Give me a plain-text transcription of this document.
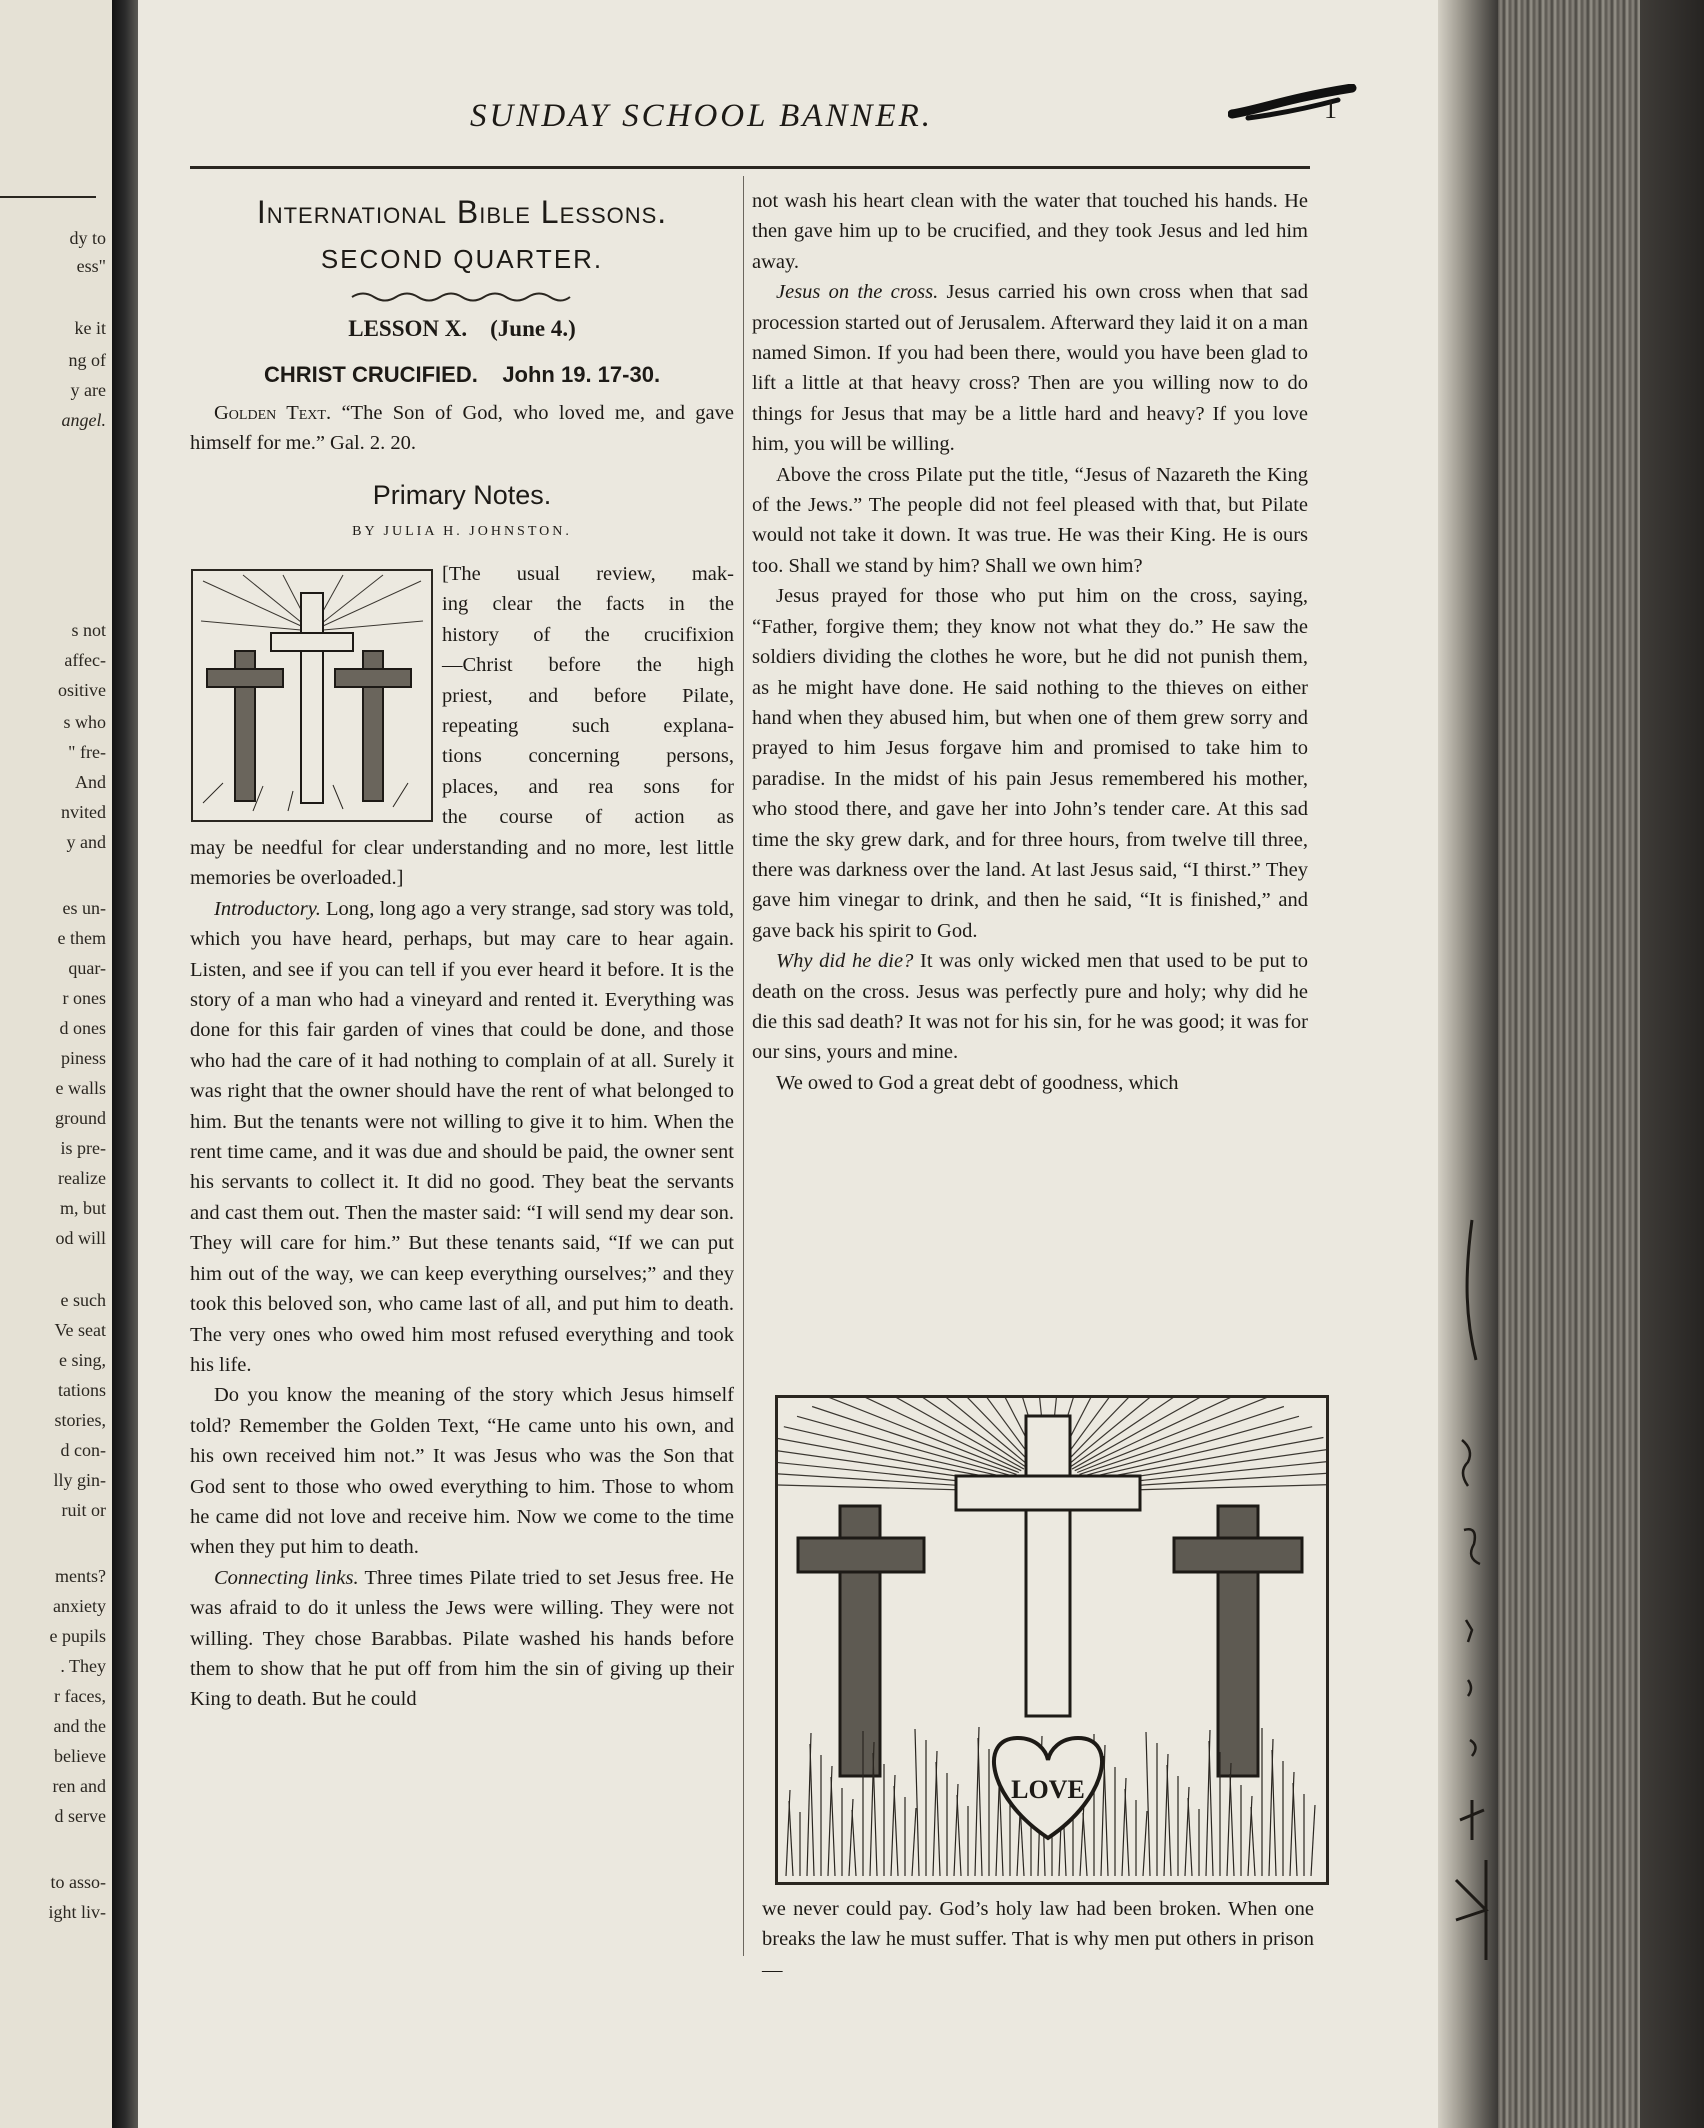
dy to
ess"
ke it
ng of
y are
angel.
s not
affec-
ositive
s who
" fre-
And
nvited
y and
es un-
e them
quar-
r ones
d ones
piness
e walls
ground
is pre-
realize
m, but
od will
e such
Ve seat
e sing,
tations
stories,
d con-
lly gin-
ruit or
ments?
anxiety
e pupils
. They
r faces,
and the
believe
ren and
d serve
to asso-
ight liv-
SUNDAY SCHOOL BANNER.	1
International Bible Lessons.
SECOND QUARTER.
LESSON X. (June 4.)
CHRIST CRUCIFIED. John 19. 17-30.

Golden Text. “The Son of God, who loved me, and gave himself for me.” Gal. 2. 20.

Primary Notes.
BY JULIA H. JOHNSTON.
[The usual review, mak-
ing clear the facts in the
history of the crucifixion
—Christ before the high
priest, and before Pilate,
repeating such explana-
tions concerning persons,
places, and rea sons for
the course of action as

may be needful for clear understanding and no more, lest little memories be overloaded.]

Introductory. Long, long ago a very strange, sad story was told, which you have heard, perhaps, but may care to hear again. Listen, and see if you can tell if you ever heard it before. It is the story of a man who had a vineyard and rented it. Everything was done for this fair garden of vines that could be done, and those who had the care of it had nothing to complain of at all. Surely it was right that the owner should have the rent of what belonged to him. But the tenants were not willing to give it to him. When the rent time came, and it was due and should be paid, the owner sent his servants to collect it. It did no good. They beat the servants and cast them out. Then the master said: “I will send my dear son. They will care for him.” But these tenants said, “If we can put him out of the way, we can keep everything ourselves;” and they took this beloved son, who came last of all, and put him to death. The very ones who owed him most refused everything and took his life.

Do you know the meaning of the story which Jesus himself told? Remember the Golden Text, “He came unto his own, and his own received him not.” It was Jesus who was the Son that God sent to those who owed everything to him. Those to whom he came did not love and receive him. Now we come to the time when they put him to death.

Connecting links. Three times Pilate tried to set Jesus free. He was afraid to do it unless the Jews were willing. They were not willing. They chose Barabbas. Pilate washed his hands before them to show that he put off from him the sin of giving up their King to death. But he could

not wash his heart clean with the water that touched his hands. He then gave him up to be crucified, and they took Jesus and led him away.

Jesus on the cross. Jesus carried his own cross when that sad procession started out of Jerusalem. Afterward they laid it on a man named Simon. If you had been there, would you have been glad to lift a little at that heavy cross? Then are you willing now to do things for Jesus that may be a little hard and heavy? If you love him, you will be willing.

Above the cross Pilate put the title, “Jesus of Nazareth the King of the Jews.” The people did not feel pleased with that, but Pilate would not take it down. It was true. He was their King. He is ours too. Shall we stand by him? Shall we own him?

Jesus prayed for those who put him on the cross, saying, “Father, forgive them; they know not what they do.” He saw the soldiers dividing the clothes he wore, but he did not punish them, as he might have done. He said nothing to the thieves on either hand when they abused him, but when one of them grew sorry and prayed to him Jesus forgave him and promised to take him to paradise. In the midst of his pain Jesus remembered his mother, who stood there, and gave her into John’s tender care. At this sad time the sky grew dark, and for three hours, from twelve till three, there was darkness over the land. At last Jesus said, “I thirst.” They gave him vinegar to drink, and then he said, “It is finished,” and gave back his spirit to God.

Why did he die? It was only wicked men that used to be put to death on the cross. Jesus was perfectly pure and holy; why did he die this sad death? It was not for his sin, for he was good; it was for our sins, yours and mine.

We owed to God a great debt of goodness, which

LOVE

we never could pay. God’s holy law had been broken. When one breaks the law he must suffer. That is why men put others in prison—
